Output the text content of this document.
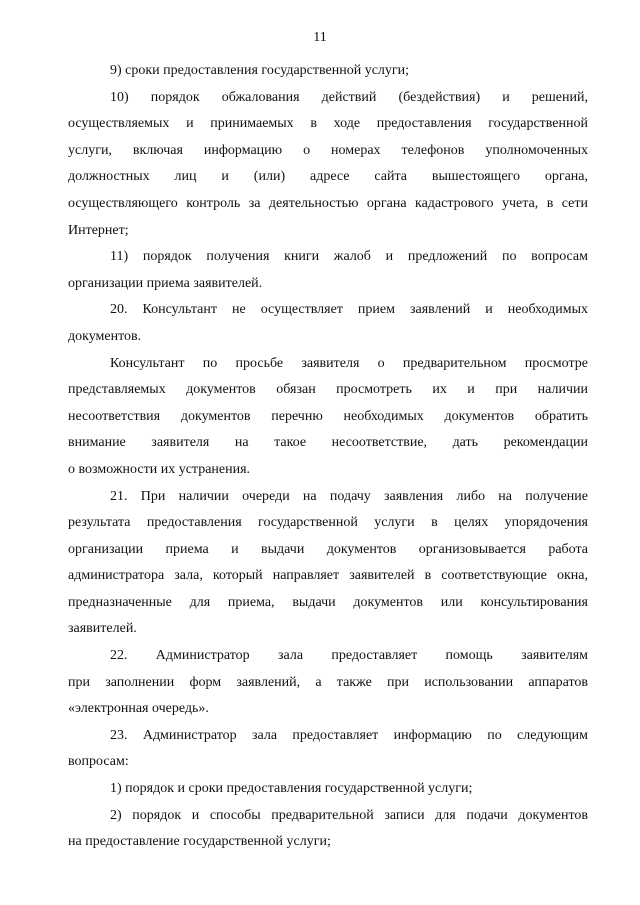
11
9) сроки предоставления государственной услуги;
10) порядок обжалования действий (бездействия) и решений,
осуществляемых и принимаемых в ходе предоставления государственной
услуги, включая информацию о номерах телефонов уполномоченных
должностных лиц и (или) адресе сайта вышестоящего органа,
осуществляющего контроль за деятельностью органа кадастрового учета, в сети
Интернет;
11) порядок получения книги жалоб и предложений по вопросам
организации приема заявителей.
20. Консультант не осуществляет прием заявлений и необходимых
документов.
Консультант по просьбе заявителя о предварительном просмотре
представляемых документов обязан просмотреть их и при наличии
несоответствия документов перечню необходимых документов обратить
внимание заявителя на такое несоответствие, дать рекомендации
о возможности их устранения.
21. При наличии очереди на подачу заявления либо на получение
результата предоставления государственной услуги в целях упорядочения
организации приема и выдачи документов организовывается работа
администратора зала, который направляет заявителей в соответствующие окна,
предназначенные для приема, выдачи документов или консультирования
заявителей.
22. Администратор зала предоставляет помощь заявителям
при заполнении форм заявлений, а также при использовании аппаратов
«электронная очередь».
23. Администратор зала предоставляет информацию по следующим
вопросам:
1) порядок и сроки предоставления государственной услуги;
2) порядок и способы предварительной записи для подачи документов
на предоставление государственной услуги;
